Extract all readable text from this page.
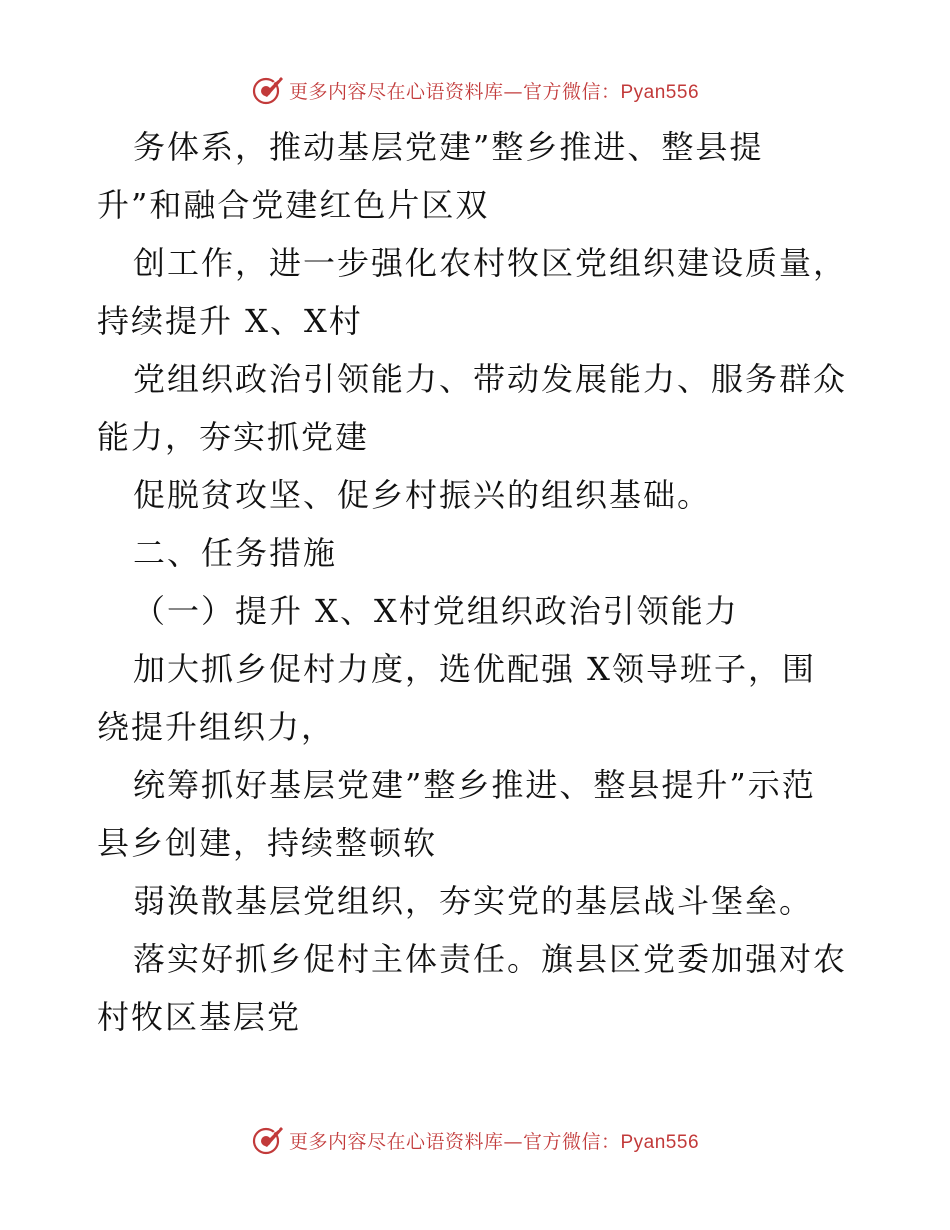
更多内容尽在心语资料库—官方微信：Pyan556
务体系，推动基层党建”整乡推进、整县提
升”和融合党建红色片区双
创工作，进一步强化农村牧区党组织建设质量，
持续提升 X、X村
党组织政治引领能力、带动发展能力、服务群众
能力，夯实抓党建
促脱贫攻坚、促乡村振兴的组织基础。
二、任务措施
（一）提升 X、X村党组织政治引领能力
加大抓乡促村力度，选优配强 X领导班子，围
绕提升组织力，
统筹抓好基层党建”整乡推进、整县提升”示范
县乡创建，持续整顿软
弱涣散基层党组织，夯实党的基层战斗堡垒。
落实好抓乡促村主体责任。旗县区党委加强对农
村牧区基层党
更多内容尽在心语资料库—官方微信：Pyan556
